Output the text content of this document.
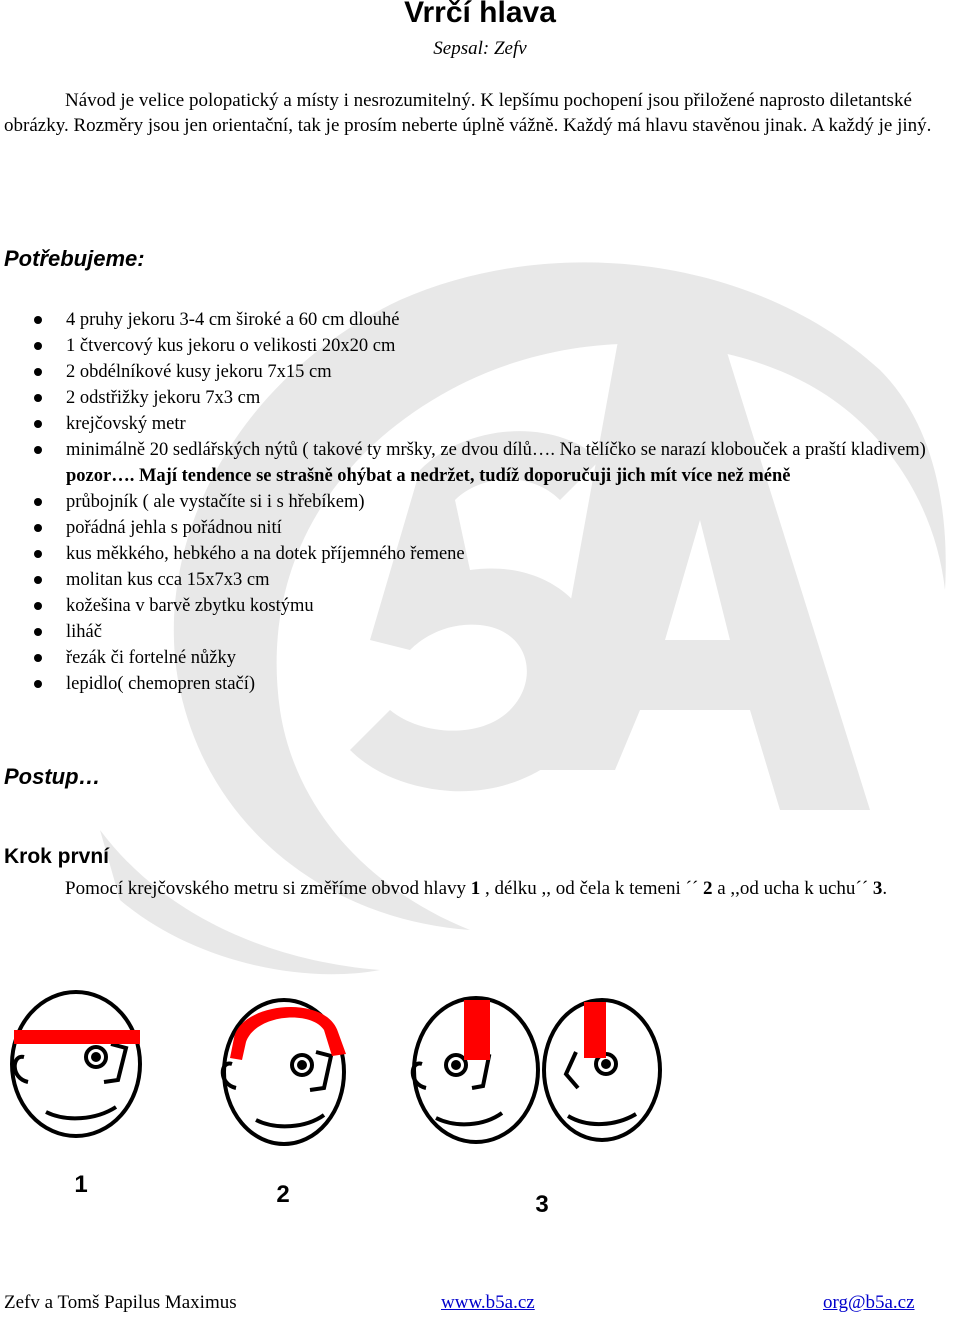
Vrrčí hlava
Sepsal: Zefv

Návod je velice polopatický a místy i nesrozumitelný. K lepšímu pochopení jsou přiložené naprosto diletantské obrázky. Rozměry jsou jen orientační, tak je prosím neberte úplně vážně. Každý má hlavu stavěnou jinak. A každý je jiný.

Potřebujeme:
4 pruhy jekoru 3-4 cm široké a 60 cm dlouhé
1 čtvercový kus jekoru o velikosti 20x20 cm
2 obdélníkové kusy jekoru 7x15 cm
2 odstřižky jekoru 7x3 cm
krejčovský metr
minimálně 20 sedlářských nýtů ( takové ty mršky, ze dvou dílů…. Na tělíčko se narazí klobouček a praští kladivem) pozor…. Mají tendence se strašně ohýbat a nedržet, tudíž doporučuji jich mít více než méně
průbojník ( ale vystačíte si i s hřebíkem)
pořádná jehla s pořádnou nití
kus měkkého, hebkého a na dotek příjemného řemene
molitan kus cca 15x7x3 cm
kožešina v barvě zbytku kostýmu
liháč
řezák či fortelné nůžky
lepidlo( chemopren stačí)
Postup…
Krok první

Pomocí krejčovského metru si změříme obvod hlavy 1 , délku ,, od čela k temeni ´´ 2 a ,,od ucha k uchu´´ 3.

1	2	3
Zefv a Tomš Papilus Maximus	www.b5a.cz	org@b5a.cz
